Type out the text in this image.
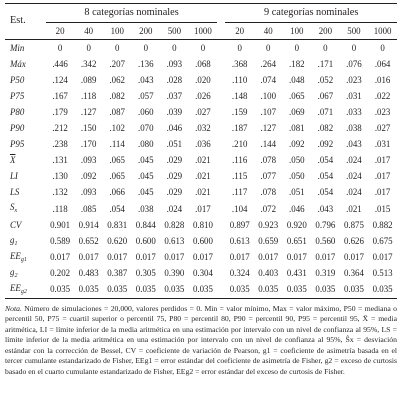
Est.	8 categorías nominales							9 categorías nominales					
	20	40	100	200	500	1000		20	40	100	200	500	1000
Min	0	0	0	0	0	0		0	0	0	0	0	0
Máx	.446	.342	.207	.136	.093	.068		.368	.264	.182	.171	.076	.064
P50	.124	.089	.062	.043	.028	.020		.110	.074	.048	.052	.023	.016
P75	.167	.118	.082	.057	.037	.026		.148	.100	.065	.067	.031	.022
P80	.179	.127	.087	.060	.039	.027		.159	.107	.069	.071	.033	.023
P90	.212	.150	.102	.070	.046	.032		.187	.127	.081	.082	.038	.027
P95	.238	.170	.114	.080	.051	.036		.210	.144	.092	.092	.043	.031
$\overline{X}$	.131	.093	.065	.045	.029	.021		.116	.078	.050	.054	.024	.017
LI	.130	.092	.065	.045	.029	.021		.115	.077	.050	.054	.024	.017
LS	.132	.093	.066	.045	.029	.021		.117	.078	.051	.054	.024	.017
$S_x$	.118	.085	.054	.038	.024	.017		.104	.072	.046	.043	.021	.015
CV	0.901	0.914	0.831	0.844	0.828	0.810		0.897	0.923	0.920	0.796	0.875	0.882
$g_1$	0.589	0.652	0.620	0.600	0.613	0.600		0.613	0.659	0.651	0.560	0.626	0.675
$EE_{g1}$	0.017	0.017	0.017	0.017	0.017	0.017		0.017	0.017	0.017	0.017	0.017	0.017
$g_2$	0.202	0.483	0.387	0.305	0.390	0.304		0.324	0.403	0.431	0.319	0.364	0.513
$EE_{g2}$	0.035	0.035	0.035	0.035	0.035	0.035		0.035	0.035	0.035	0.035	0.035	0.035
Nota. Número de simulaciones = 20,000, valores perdidos = 0. Min = valor mínimo, Max = valor máximo, P50 = mediana o percentil 50, P75 = cuartil superior o percentil 75, P80 = percentil 80, P90 = percentil 90, P95 = percentil 95, X̄ = media aritmética, LI = límite inferior de la media aritmética en una estimación por intervalo con un nivel de confianza al 95%, LS = límite inferior de la media aritmética en una estimación por intervalo con un nivel de confianza al 95%, Ŝx = desviación estándar con la corrección de Bessel, CV = coeficiente de variación de Pearson, g1 = coeficiente de asimetría basada en el tercer cumulante estandarizado de Fisher, EEg1 = error estándar del coeficiente de asimetría de Fisher, g2 = exceso de curtosis basado en el cuarto cumulante estandarizado de Fisher, EEg2 = error estándar del exceso de curtosis de Fisher.
